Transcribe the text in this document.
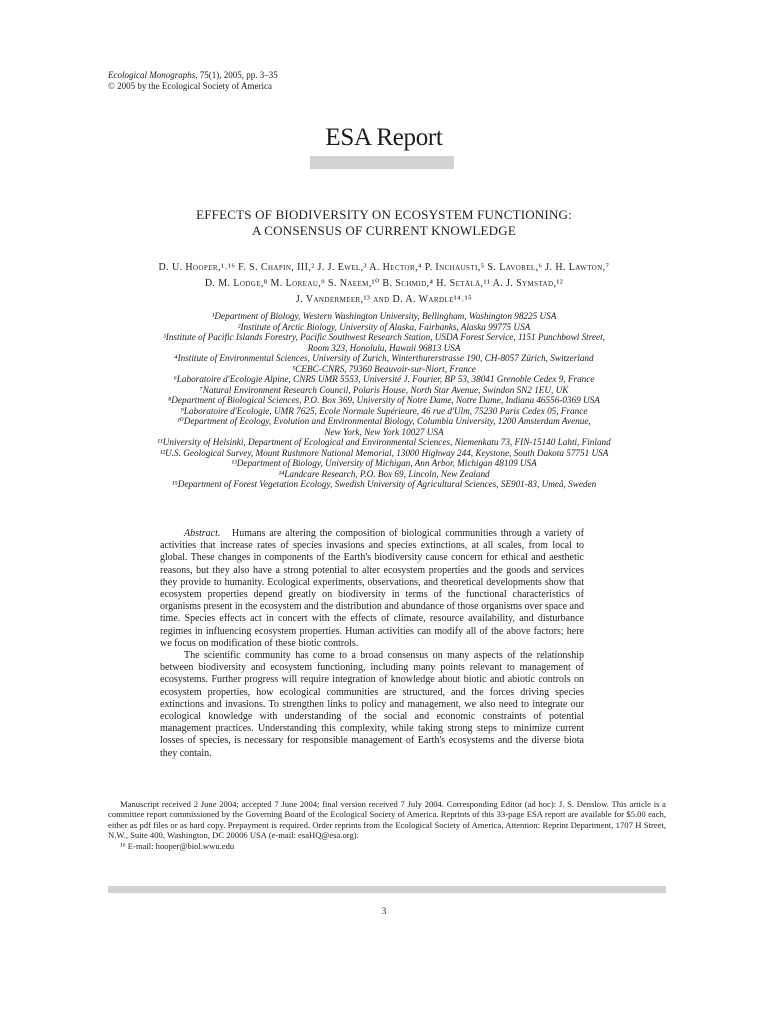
Ecological Monographs, 75(1), 2005, pp. 3–35
© 2005 by the Ecological Society of America
ESA Report
EFFECTS OF BIODIVERSITY ON ECOSYSTEM FUNCTIONING:
A CONSENSUS OF CURRENT KNOWLEDGE
D. U. Hooper,¹˒¹⁶ F. S. Chapin, III,² J. J. Ewel,³ A. Hector,⁴ P. Inchausti,⁵ S. Lavorel,⁶ J. H. Lawton,⁷
D. M. Lodge,⁸ M. Loreau,⁹ S. Naeem,¹⁰ B. Schmid,⁴ H. Setälä,¹¹ A. J. Symstad,¹²
J. Vandermeer,¹³ and D. A. Wardle¹⁴˒¹⁵
¹Department of Biology, Western Washington University, Bellingham, Washington 98225 USA
²Institute of Arctic Biology, University of Alaska, Fairbanks, Alaska 99775 USA
³Institute of Pacific Islands Forestry, Pacific Southwest Research Station, USDA Forest Service, 1151 Punchbowl Street,
Room 323, Honolulu, Hawaii 96813 USA
⁴Institute of Environmental Sciences, University of Zurich, Winterthurerstrasse 190, CH-8057 Zürich, Switzerland
⁵CEBC-CNRS, 79360 Beauvoir-sur-Niort, France
⁶Laboratoire d'Ecologie Alpine, CNRS UMR 5553, Université J. Fourier, BP 53, 38041 Grenoble Cedex 9, France
⁷Natural Environment Research Council, Polaris House, North Star Avenue, Swindon SN2 1EU, UK
⁸Department of Biological Sciences, P.O. Box 369, University of Notre Dame, Notre Dame, Indiana 46556-0369 USA
⁹Laboratoire d'Ecologie, UMR 7625, Ecole Normale Supérieure, 46 rue d'Ulm, 75230 Paris Cedex 05, France
¹⁰Department of Ecology, Evolution and Environmental Biology, Columbia University, 1200 Amsterdam Avenue,
New York, New York 10027 USA
¹¹University of Helsinki, Department of Ecological and Environmental Sciences, Niemenkatu 73, FIN-15140 Lahti, Finland
¹²U.S. Geological Survey, Mount Rushmore National Memorial, 13000 Highway 244, Keystone, South Dakota 57751 USA
¹³Department of Biology, University of Michigan, Ann Arbor, Michigan 48109 USA
¹⁴Landcare Research, P.O. Box 69, Lincoln, New Zealand
¹⁵Department of Forest Vegetation Ecology, Swedish University of Agricultural Sciences, SE901-83, Umeå, Sweden

Abstract. Humans are altering the composition of biological communities through a variety of activities that increase rates of species invasions and species extinctions, at all scales, from local to global. These changes in components of the Earth's biodiversity cause concern for ethical and aesthetic reasons, but they also have a strong potential to alter ecosystem properties and the goods and services they provide to humanity. Ecological experiments, observations, and theoretical developments show that ecosystem properties depend greatly on biodiversity in terms of the functional characteristics of organisms present in the ecosystem and the distribution and abundance of those organisms over space and time. Species effects act in concert with the effects of climate, resource availability, and disturbance regimes in influencing ecosystem properties. Human activities can modify all of the above factors; here we focus on modification of these biotic controls.

The scientific community has come to a broad consensus on many aspects of the relationship between biodiversity and ecosystem functioning, including many points relevant to management of ecosystems. Further progress will require integration of knowledge about biotic and abiotic controls on ecosystem properties, how ecological communities are structured, and the forces driving species extinctions and invasions. To strengthen links to policy and management, we also need to integrate our ecological knowledge with understanding of the social and economic constraints of potential management practices. Understanding this complexity, while taking strong steps to minimize current losses of species, is necessary for responsible management of Earth's ecosystems and the diverse biota they contain.

Manuscript received 2 June 2004; accepted 7 June 2004; final version received 7 July 2004. Corresponding Editor (ad hoc): J. S. Denslow. This article is a committee report commissioned by the Governing Board of the Ecological Society of America. Reprints of this 33-page ESA report are available for $5.00 each, either as pdf files or as hard copy. Prepayment is required. Order reprints from the Ecological Society of America, Attention: Reprint Department, 1707 H Street, N.W., Suite 400, Washington, DC 20006 USA (e-mail: esaHQ@esa.org).

¹⁶ E-mail: hooper@biol.wwu.edu

3
